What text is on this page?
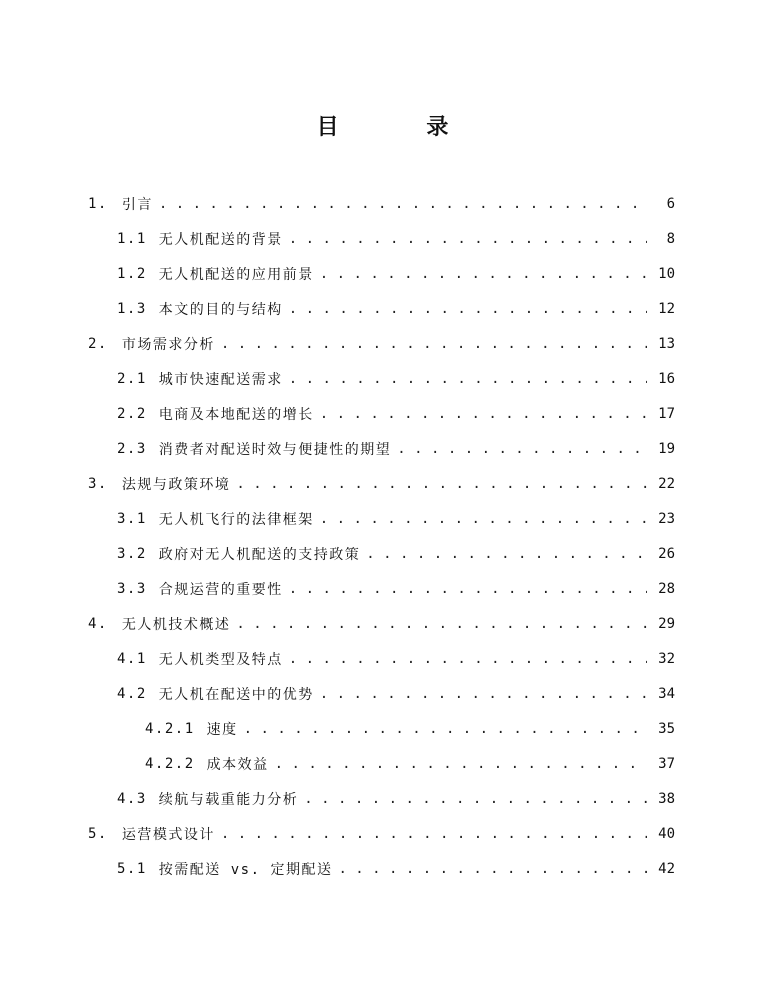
目 录
1. 引言 . . .	6
1.1 无人机配送的背景 . . .	8
1.2 无人机配送的应用前景 . . .	10
1.3 本文的目的与结构 . . .	12
2. 市场需求分析 . . .	13
2.1 城市快速配送需求 . . .	16
2.2 电商及本地配送的增长 . . .	17
2.3 消费者对配送时效与便捷性的期望 . . .	19
3. 法规与政策环境 . . .	22
3.1 无人机飞行的法律框架 . . .	23
3.2 政府对无人机配送的支持政策 . . .	26
3.3 合规运营的重要性 . . .	28
4. 无人机技术概述 . . .	29
4.1 无人机类型及特点 . . .	32
4.2 无人机在配送中的优势 . . .	34
4.2.1 速度 . . .	35
4.2.2 成本效益 . . .	37
4.3 续航与载重能力分析 . . .	38
5. 运营模式设计 . . .	40
5.1 按需配送 vs. 定期配送 . . .	42
